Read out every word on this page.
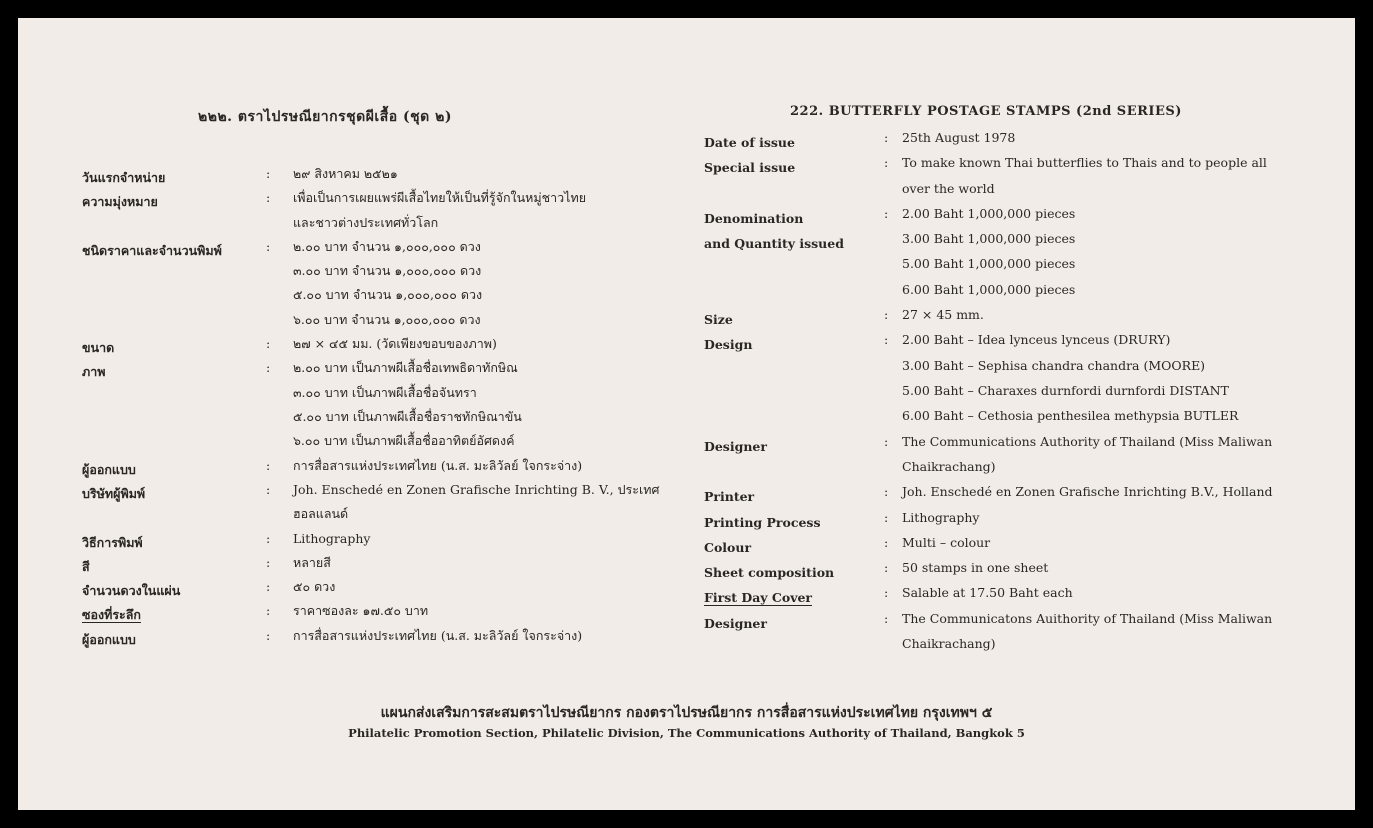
๒๒๒. ตราไปรษณียากรชุดผีเสื้อ (ชุด ๒)
วันแรกจำหน่าย	: ๒๙ สิงหาคม ๒๕๒๑
ความมุ่งหมาย	: เพื่อเป็นการเผยแพร่ผีเสื้อไทยให้เป็นที่รู้จักในหมู่ชาวไทย
และชาวต่างประเทศทั่วโลก
ชนิดราคาและจำนวนพิมพ์	: ๒.๐๐ บาท จำนวน ๑,๐๐๐,๐๐๐ ดวง
๓.๐๐ บาท จำนวน ๑,๐๐๐,๐๐๐ ดวง
๕.๐๐ บาท จำนวน ๑,๐๐๐,๐๐๐ ดวง
๖.๐๐ บาท จำนวน ๑,๐๐๐,๐๐๐ ดวง
ขนาด	: ๒๗ × ๔๕ มม. (วัดเพียงขอบของภาพ)
ภาพ	: ๒.๐๐ บาท เป็นภาพผีเสื้อชื่อเทพธิดาทักษิณ
๓.๐๐ บาท เป็นภาพผีเสื้อชื่อจันทรา
๕.๐๐ บาท เป็นภาพผีเสื้อชื่อราชทักษิณาขัน
๖.๐๐ บาท เป็นภาพผีเสื้อชื่ออาทิตย์อัศดงค์
ผู้ออกแบบ	: การสื่อสารแห่งประเทศไทย (น.ส. มะลิวัลย์ ใจกระจ่าง)
บริษัทผู้พิมพ์	: Joh. Enschedé en Zonen Grafische Inrichting B. V., ประเทศ
ฮอลแลนด์
วิธีการพิมพ์	: Lithography
สี	: หลายสี
จำนวนดวงในแผ่น	: ๕๐ ดวง
ซองที่ระลึก	: ราคาซองละ ๑๗.๕๐ บาท
ผู้ออกแบบ	: การสื่อสารแห่งประเทศไทย (น.ส. มะลิวัลย์ ใจกระจ่าง)
222. BUTTERFLY POSTAGE STAMPS (2nd SERIES)
Date of issue	: 25th August 1978
Special issue	: To make known Thai butterflies to Thais and to people all
over the world
Denomination
and Quantity issued
: 2.00 Baht 1,000,000 pieces
3.00 Baht 1,000,000 pieces
5.00 Baht 1,000,000 pieces
6.00 Baht 1,000,000 pieces
Size	: 27 × 45 mm.
Design	: 2.00 Baht – Idea lynceus lynceus (DRURY)
3.00 Baht – Sephisa chandra chandra (MOORE)
5.00 Baht – Charaxes durnfordi durnfordi DISTANT
6.00 Baht – Cethosia penthesilea methypsia BUTLER
Designer	: The Communications Authority of Thailand (Miss Maliwan
Chaikrachang)
Printer	: Joh. Enschedé en Zonen Grafische Inrichting B.V., Holland
Printing Process	: Lithography
Colour	: Multi – colour
Sheet composition	: 50 stamps in one sheet
First Day Cover	: Salable at 17.50 Baht each
Designer	: The Communicatons Auithority of Thailand (Miss Maliwan
Chaikrachang)
แผนกส่งเสริมการสะสมตราไปรษณียากร กองตราไปรษณียากร การสื่อสารแห่งประเทศไทย กรุงเทพฯ ๕
Philatelic Promotion Section, Philatelic Division, The Communications Authority of Thailand, Bangkok 5
